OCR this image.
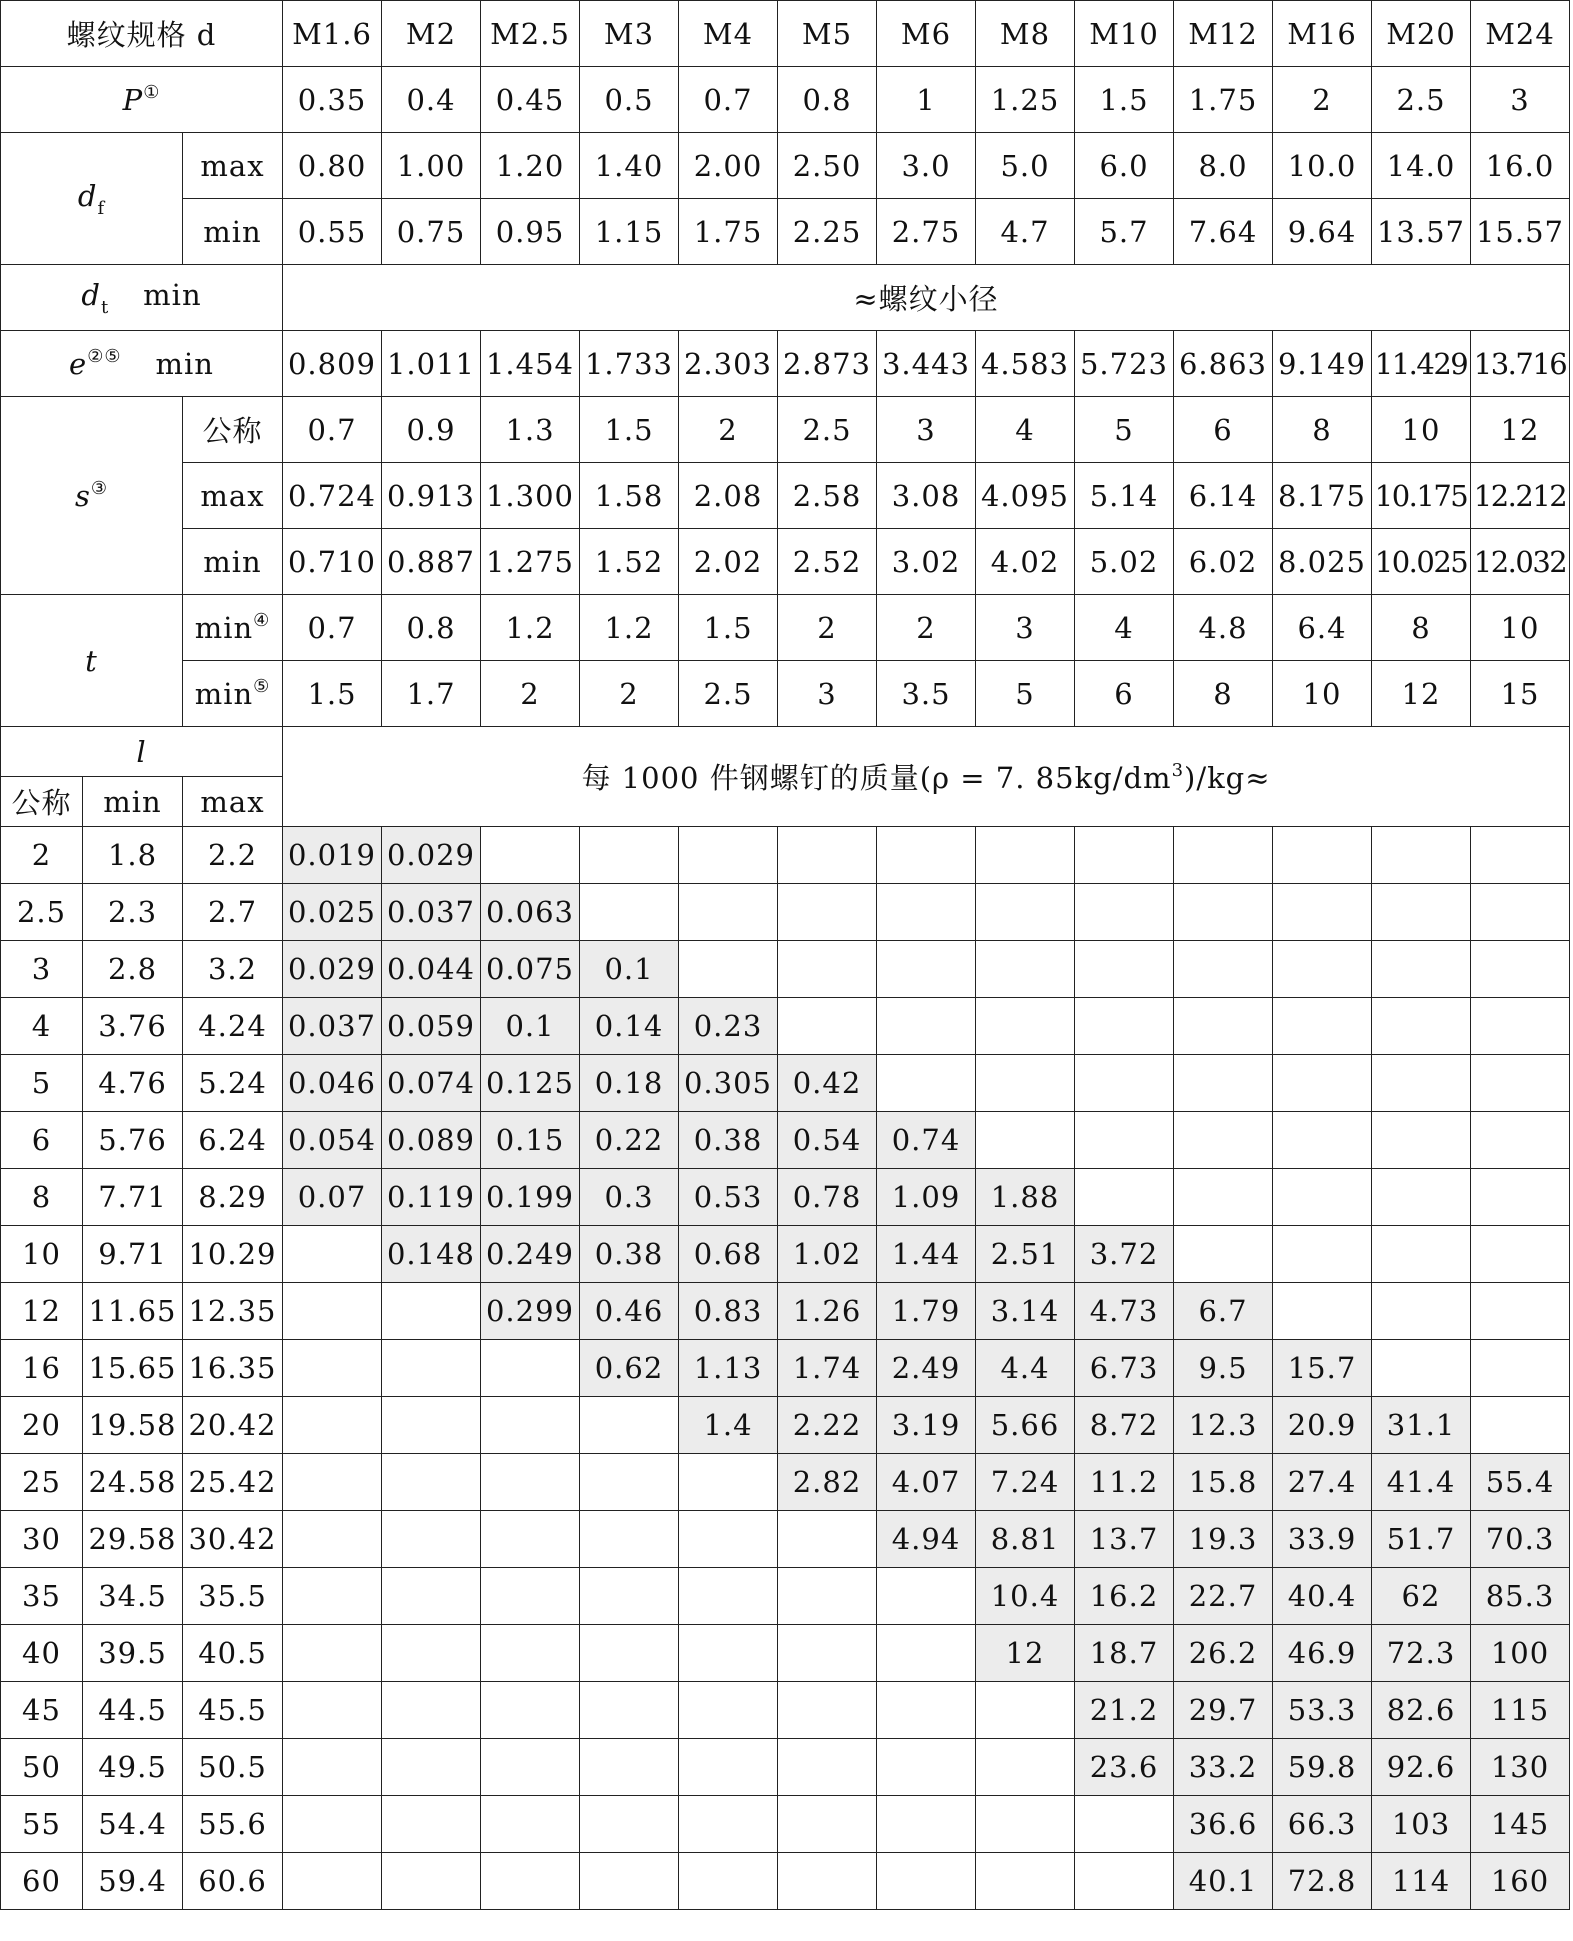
螺纹规格 d			M1.6	M2	M2.5	M3	M4	M5	M6	M8	M10	M12	M16	M20	M24
P①			0.35	0.4	0.45	0.5	0.7	0.8	1	1.25	1.5	1.75	2	2.5	3
$d_f$		max	0.80	1.00	1.20	1.40	2.00	2.50	3.0	5.0	6.0	8.0	10.0	14.0	16.0
		min	0.55	0.75	0.95	1.15	1.75	2.25	2.75	4.7	5.7	7.64	9.64	13.57	15.57
$d_t$ min			≈螺纹小径												
e②⑤ min			0.809	1.011	1.454	1.733	2.303	2.873	3.443	4.583	5.723	6.863	9.149	11.429	13.716
s③		公称	0.7	0.9	1.3	1.5	2	2.5	3	4	5	6	8	10	12
		max	0.724	0.913	1.300	1.58	2.08	2.58	3.08	4.095	5.14	6.14	8.175	10.175	12.212
		min	0.710	0.887	1.275	1.52	2.02	2.52	3.02	4.02	5.02	6.02	8.025	10.025	12.032
t		min④	0.7	0.8	1.2	1.2	1.5	2	2	3	4	4.8	6.4	8	10
		min⑤	1.5	1.7	2	2	2.5	3	3.5	5	6	8	10	12	15
l			每 1000 件钢螺钉的质量(ρ = 7. $85kg/dm^3)/kg\approx$												
公称	min	max													
2	1.8	2.2	0.019	0.029											
2.5	2.3	2.7	0.025	0.037	0.063										
3	2.8	3.2	0.029	0.044	0.075	0.1									
4	3.76	4.24	0.037	0.059	0.1	0.14	0.23								
5	4.76	5.24	0.046	0.074	0.125	0.18	0.305	0.42							
6	5.76	6.24	0.054	0.089	0.15	0.22	0.38	0.54	0.74						
8	7.71	8.29	0.07	0.119	0.199	0.3	0.53	0.78	1.09	1.88					
10	9.71	10.29		0.148	0.249	0.38	0.68	1.02	1.44	2.51	3.72				
12	11.65	12.35			0.299	0.46	0.83	1.26	1.79	3.14	4.73	6.7			
16	15.65	16.35				0.62	1.13	1.74	2.49	4.4	6.73	9.5	15.7		
20	19.58	20.42					1.4	2.22	3.19	5.66	8.72	12.3	20.9	31.1	
25	24.58	25.42						2.82	4.07	7.24	11.2	15.8	27.4	41.4	55.4
30	29.58	30.42							4.94	8.81	13.7	19.3	33.9	51.7	70.3
35	34.5	35.5								10.4	16.2	22.7	40.4	62	85.3
40	39.5	40.5								12	18.7	26.2	46.9	72.3	100
45	44.5	45.5									21.2	29.7	53.3	82.6	115
50	49.5	50.5									23.6	33.2	59.8	92.6	130
55	54.4	55.6										36.6	66.3	103	145
60	59.4	60.6										40.1	72.8	114	160
